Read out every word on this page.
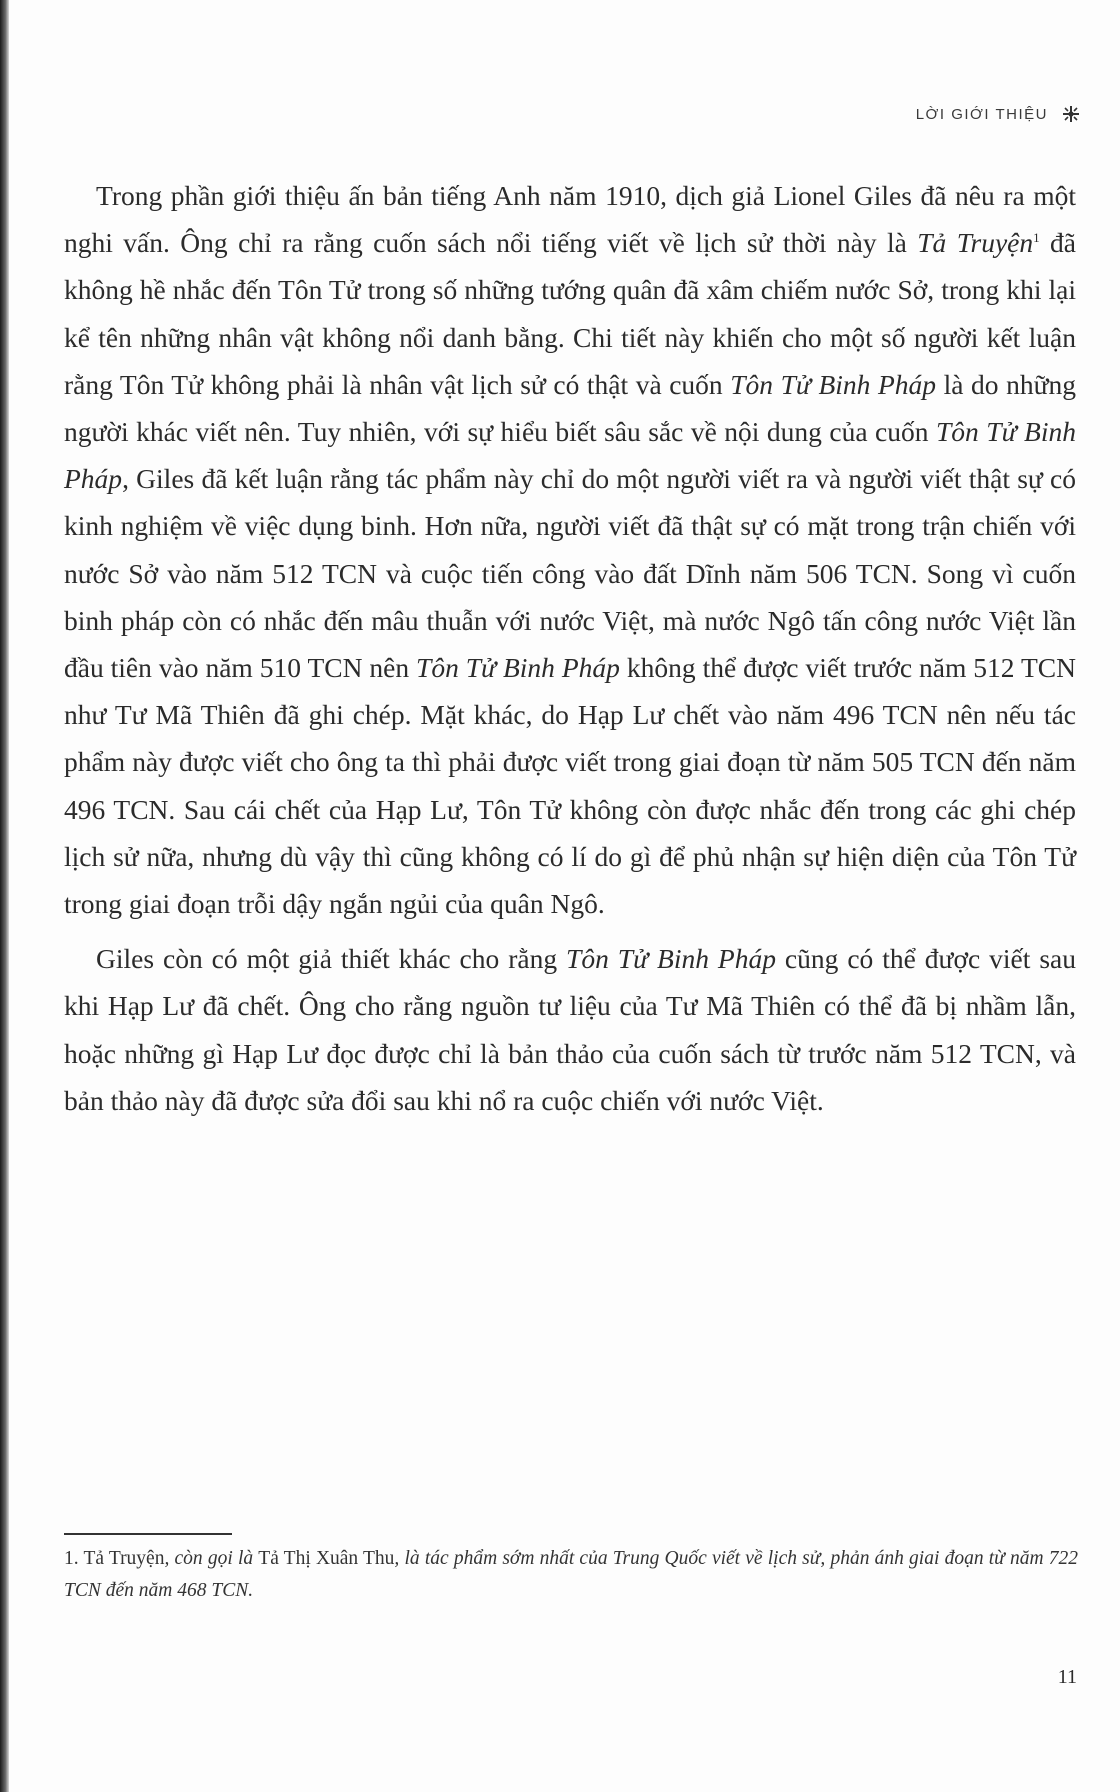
LỜI GIỚI THIỆU

Trong phần giới thiệu ấn bản tiếng Anh năm 1910, dịch giả Lionel Giles đã nêu ra một nghi vấn. Ông chỉ ra rằng cuốn sách nổi tiếng viết về lịch sử thời này là Tả Truyện$^1$ đã không hề nhắc đến Tôn Tử trong số những tướng quân đã xâm chiếm nước Sở, trong khi lại kể tên những nhân vật không nổi danh bằng. Chi tiết này khiến cho một số người kết luận rằng Tôn Tử không phải là nhân vật lịch sử có thật và cuốn Tôn Tử Binh Pháp là do những người khác viết nên. Tuy nhiên, với sự hiểu biết sâu sắc về nội dung của cuốn Tôn Tử Binh Pháp, Giles đã kết luận rằng tác phẩm này chỉ do một người viết ra và người viết thật sự có kinh nghiệm về việc dụng binh. Hơn nữa, người viết đã thật sự có mặt trong trận chiến với nước Sở vào năm 512 TCN và cuộc tiến công vào đất Dĩnh năm 506 TCN. Song vì cuốn binh pháp còn có nhắc đến mâu thuẫn với nước Việt, mà nước Ngô tấn công nước Việt lần đầu tiên vào năm 510 TCN nên Tôn Tử Binh Pháp không thể được viết trước năm 512 TCN như Tư Mã Thiên đã ghi chép. Mặt khác, do Hạp Lư chết vào năm 496 TCN nên nếu tác phẩm này được viết cho ông ta thì phải được viết trong giai đoạn từ năm 505 TCN đến năm 496 TCN. Sau cái chết của Hạp Lư, Tôn Tử không còn được nhắc đến trong các ghi chép lịch sử nữa, nhưng dù vậy thì cũng không có lí do gì để phủ nhận sự hiện diện của Tôn Tử trong giai đoạn trỗi dậy ngắn ngủi của quân Ngô.

Giles còn có một giả thiết khác cho rằng Tôn Tử Binh Pháp cũng có thể được viết sau khi Hạp Lư đã chết. Ông cho rằng nguồn tư liệu của Tư Mã Thiên có thể đã bị nhầm lẫn, hoặc những gì Hạp Lư đọc được chỉ là bản thảo của cuốn sách từ trước năm 512 TCN, và bản thảo này đã được sửa đổi sau khi nổ ra cuộc chiến với nước Việt.

1. Tả Truyện, còn gọi là Tả Thị Xuân Thu, là tác phẩm sớm nhất của Trung Quốc viết về lịch sử, phản ánh giai đoạn từ năm 722 TCN đến năm 468 TCN.
11
